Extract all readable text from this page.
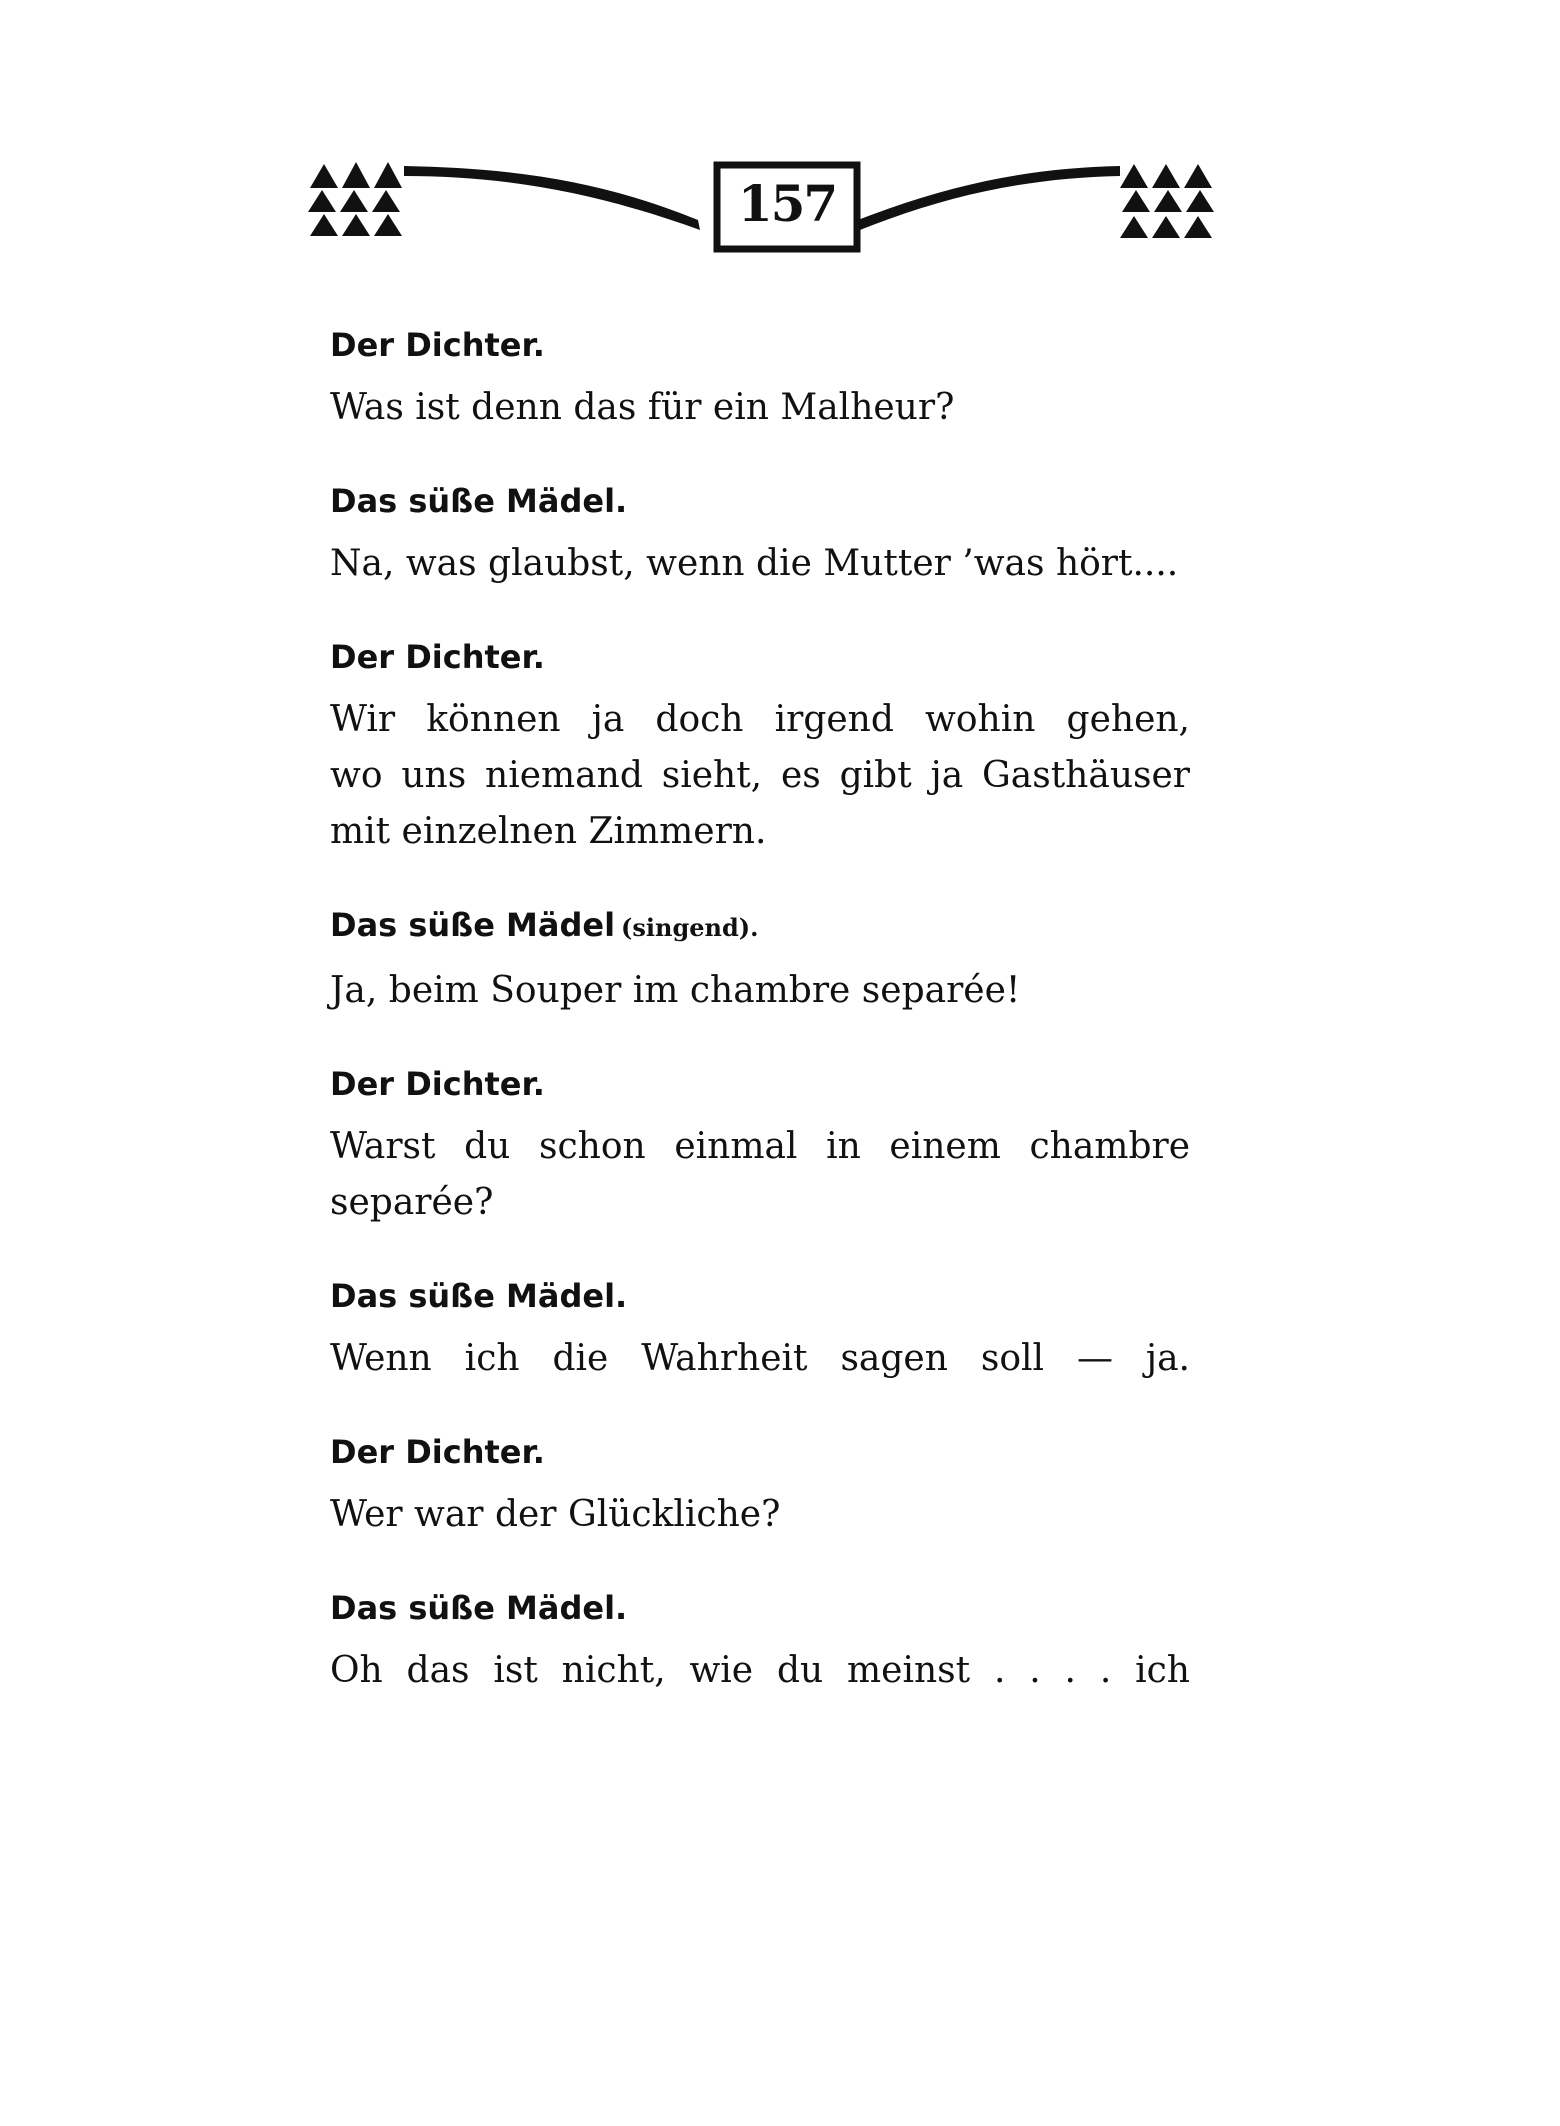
157

Der Dichter.

Was ist denn das für ein Malheur?

Das süße Mädel.

Na, was glaubst, wenn die Mutter ’was hört....

Der Dichter.

Wir können ja doch irgend wohin gehen,

wo uns niemand sieht, es gibt ja Gasthäuser

mit einzelnen Zimmern.

Das süße Mädel (singend).

Ja, beim Souper im chambre separée!

Der Dichter.

Warst du schon einmal in einem chambre

separée?

Das süße Mädel.

Wenn ich die Wahrheit sagen soll — ja.

Der Dichter.

Wer war der Glückliche?

Das süße Mädel.

Oh das ist nicht, wie du meinst . . . . ich
